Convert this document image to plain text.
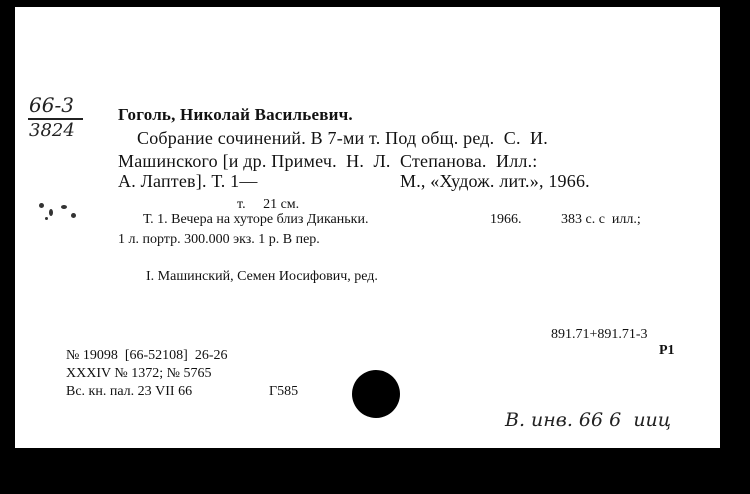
66-3
3824
Гоголь, Николай Васильевич.
Собрание сочинений. В 7-ми т. Под общ. ред.  С.  И.
Машинского [и др. Примеч.  Н.  Л.  Степанова.  Илл.:
А. Лаптев]. Т. 1—	М., «Худож. лит.», 1966.
т.     21 см.
Т. 1. Вечера на хуторе близ Диканьки.	1966.	383 с. с  илл.;
1 л. портр. 300.000 экз. 1 р. В пер.
I. Машинский, Семен Иосифович, ред.
891.71+891.71-3
Р1
№ 19098  [66-52108]  26-26
XXXIV № 1372; № 5765
Вс. кн. пал. 23 VII 66	Г585
В. инв. 66 6  ииц
